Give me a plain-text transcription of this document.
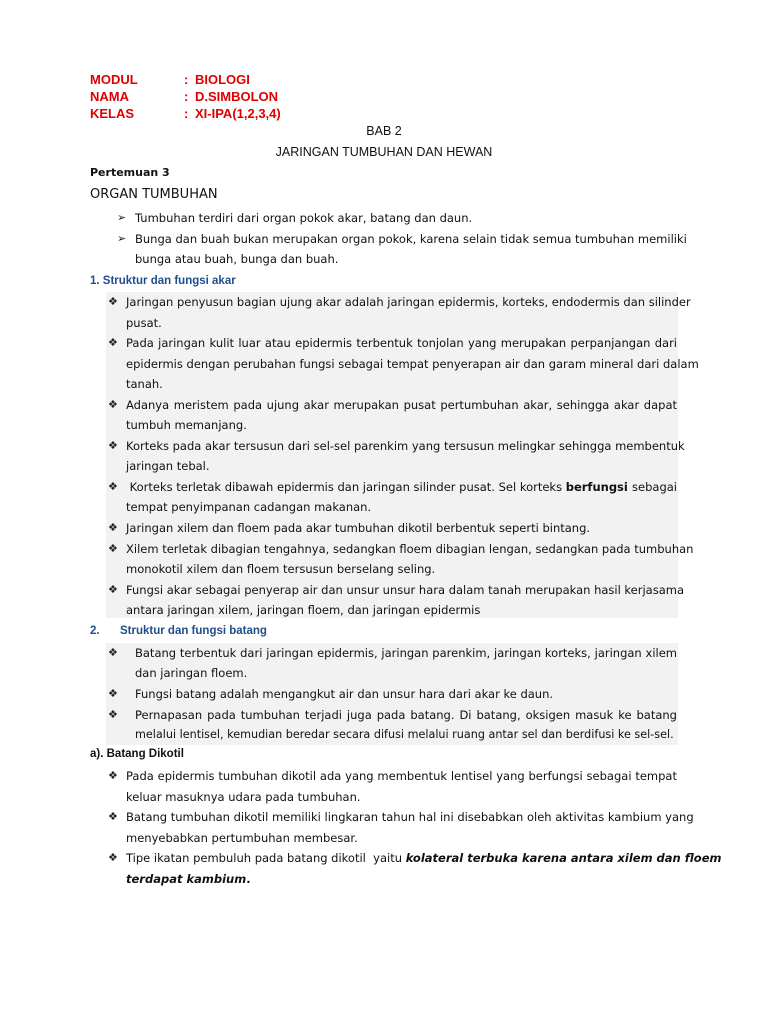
MODUL	: BIOLOGI
NAMA	: D.SIMBOLON
KELAS	: XI-IPA(1,2,3,4)
BAB 2
JARINGAN TUMBUHAN DAN HEWAN
Pertemuan 3
ORGAN TUMBUHAN
➢ Tumbuhan terdiri dari organ pokok akar, batang dan daun.
➢ Bunga dan buah bukan merupakan organ pokok, karena selain tidak semua tumbuhan memiliki
bunga atau buah, bunga dan buah.
1. Struktur dan fungsi akar
❖ Jaringan penyusun bagian ujung akar adalah jaringan epidermis, korteks, endodermis dan silinder
pusat.
❖ Pada jaringan kulit luar atau epidermis terbentuk tonjolan yang merupakan perpanjangan dari
epidermis dengan perubahan fungsi sebagai tempat penyerapan air dan garam mineral dari dalam
tanah.
❖ Adanya meristem pada ujung akar merupakan pusat pertumbuhan akar, sehingga akar dapat
tumbuh memanjang.
❖ Korteks pada akar tersusun dari sel-sel parenkim yang tersusun melingkar sehingga membentuk
jaringan tebal.
❖ Korteks terletak dibawah epidermis dan jaringan silinder pusat. Sel korteks berfungsi sebagai
tempat penyimpanan cadangan makanan.
❖ Jaringan xilem dan floem pada akar tumbuhan dikotil berbentuk seperti bintang.
❖ Xilem terletak dibagian tengahnya, sedangkan floem dibagian lengan, sedangkan pada tumbuhan
monokotil xilem dan floem tersusun berselang seling.
❖ Fungsi akar sebagai penyerap air dan unsur unsur hara dalam tanah merupakan hasil kerjasama
antara jaringan xilem, jaringan floem, dan jaringan epidermis
2. Struktur dan fungsi batang
❖ Batang terbentuk dari jaringan epidermis, jaringan parenkim, jaringan korteks, jaringan xilem
dan jaringan floem.
❖ Fungsi batang adalah mengangkut air dan unsur hara dari akar ke daun.
❖ Pernapasan pada tumbuhan terjadi juga pada batang. Di batang, oksigen masuk ke batang
melalui lentisel, kemudian beredar secara difusi melalui ruang antar sel dan berdifusi ke sel-sel.
a). Batang Dikotil
❖ Pada epidermis tumbuhan dikotil ada yang membentuk lentisel yang berfungsi sebagai tempat
keluar masuknya udara pada tumbuhan.
❖ Batang tumbuhan dikotil memiliki lingkaran tahun hal ini disebabkan oleh aktivitas kambium yang
menyebabkan pertumbuhan membesar.
❖ Tipe ikatan pembuluh pada batang dikotil  yaitu kolateral terbuka karena antara xilem dan floem
terdapat kambium.
